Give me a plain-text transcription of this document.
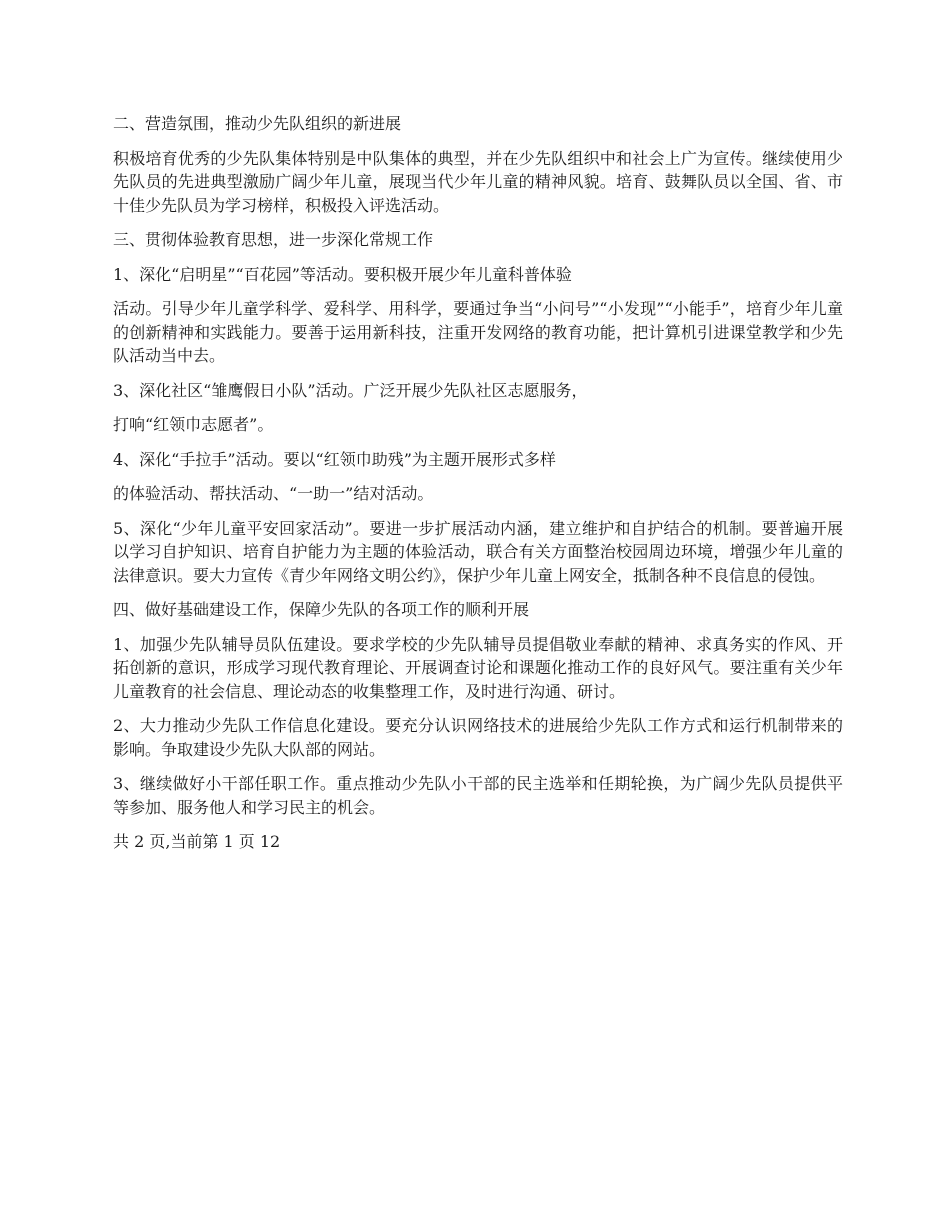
二、营造氛围，推动少先队组织的新进展

积极培育优秀的少先队集体特别是中队集体的典型，并在少先队组织中和社会上广为宣传。继续使用少先队员的先进典型激励广阔少年儿童，展现当代少年儿童的精神风貌。培育、鼓舞队员以全国、省、市十佳少先队员为学习榜样，积极投入评选活动。

三、贯彻体验教育思想，进一步深化常规工作

1、深化“启明星”“百花园”等活动。要积极开展少年儿童科普体验

活动。引导少年儿童学科学、爱科学、用科学，要通过争当“小问号”“小发现”“小能手”，培育少年儿童的创新精神和实践能力。要善于运用新科技，注重开发网络的教育功能，把计算机引进课堂教学和少先队活动当中去。

3、深化社区“雏鹰假日小队”活动。广泛开展少先队社区志愿服务，

打响“红领巾志愿者”。

4、深化“手拉手”活动。要以“红领巾助残”为主题开展形式多样

的体验活动、帮扶活动、“一助一”结对活动。

5、深化“少年儿童平安回家活动”。要进一步扩展活动内涵，建立维护和自护结合的机制。要普遍开展以学习自护知识、培育自护能力为主题的体验活动，联合有关方面整治校园周边环境，增强少年儿童的法律意识。要大力宣传《青少年网络文明公约》，保护少年儿童上网安全，抵制各种不良信息的侵蚀。

四、做好基础建设工作，保障少先队的各项工作的顺利开展

1、加强少先队辅导员队伍建设。要求学校的少先队辅导员提倡敬业奉献的精神、求真务实的作风、开拓创新的意识，形成学习现代教育理论、开展调查讨论和课题化推动工作的良好风气。要注重有关少年儿童教育的社会信息、理论动态的收集整理工作，及时进行沟通、研讨。

2、大力推动少先队工作信息化建设。要充分认识网络技术的进展给少先队工作方式和运行机制带来的影响。争取建设少先队大队部的网站。

3、继续做好小干部任职工作。重点推动少先队小干部的民主选举和任期轮换，为广阔少先队员提供平等参加、服务他人和学习民主的机会。

共 2 页,当前第 1 页 12
